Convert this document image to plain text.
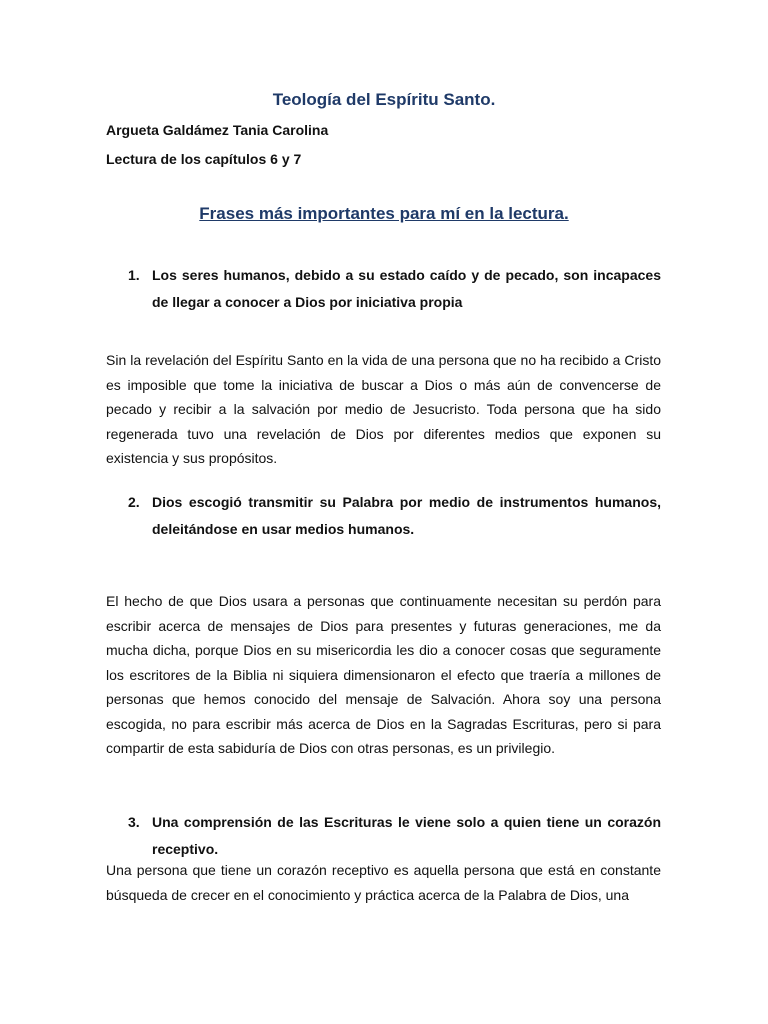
Teología del Espíritu Santo.
Argueta Galdámez Tania Carolina
Lectura de los capítulos 6 y 7
Frases más importantes para mí en la lectura.
1. Los seres humanos, debido a su estado caído y de pecado, son incapaces de llegar a conocer a Dios por iniciativa propia
Sin la revelación del Espíritu Santo en la vida de una persona que no ha recibido a Cristo es imposible que tome la iniciativa de buscar a Dios o más aún de convencerse de pecado y recibir a la salvación por medio de Jesucristo. Toda persona que ha sido regenerada tuvo una revelación de Dios por diferentes medios que exponen su existencia y sus propósitos.
2. Dios escogió transmitir su Palabra por medio de instrumentos humanos, deleitándose en usar medios humanos.
El hecho de que Dios usara a personas que continuamente necesitan su perdón para escribir acerca de mensajes de Dios para presentes y futuras generaciones, me da mucha dicha, porque Dios en su misericordia les dio a conocer cosas que seguramente los escritores de la Biblia ni siquiera dimensionaron el efecto que traería a millones de personas que hemos conocido del mensaje de Salvación. Ahora soy una persona escogida, no para escribir más acerca de Dios en la Sagradas Escrituras, pero si para compartir de esta sabiduría de Dios con otras personas, es un privilegio.
3. Una comprensión de las Escrituras le viene solo a quien tiene un corazón receptivo.
Una persona que tiene un corazón receptivo es aquella persona que está en constante búsqueda de crecer en el conocimiento y práctica acerca de la Palabra de Dios, una
